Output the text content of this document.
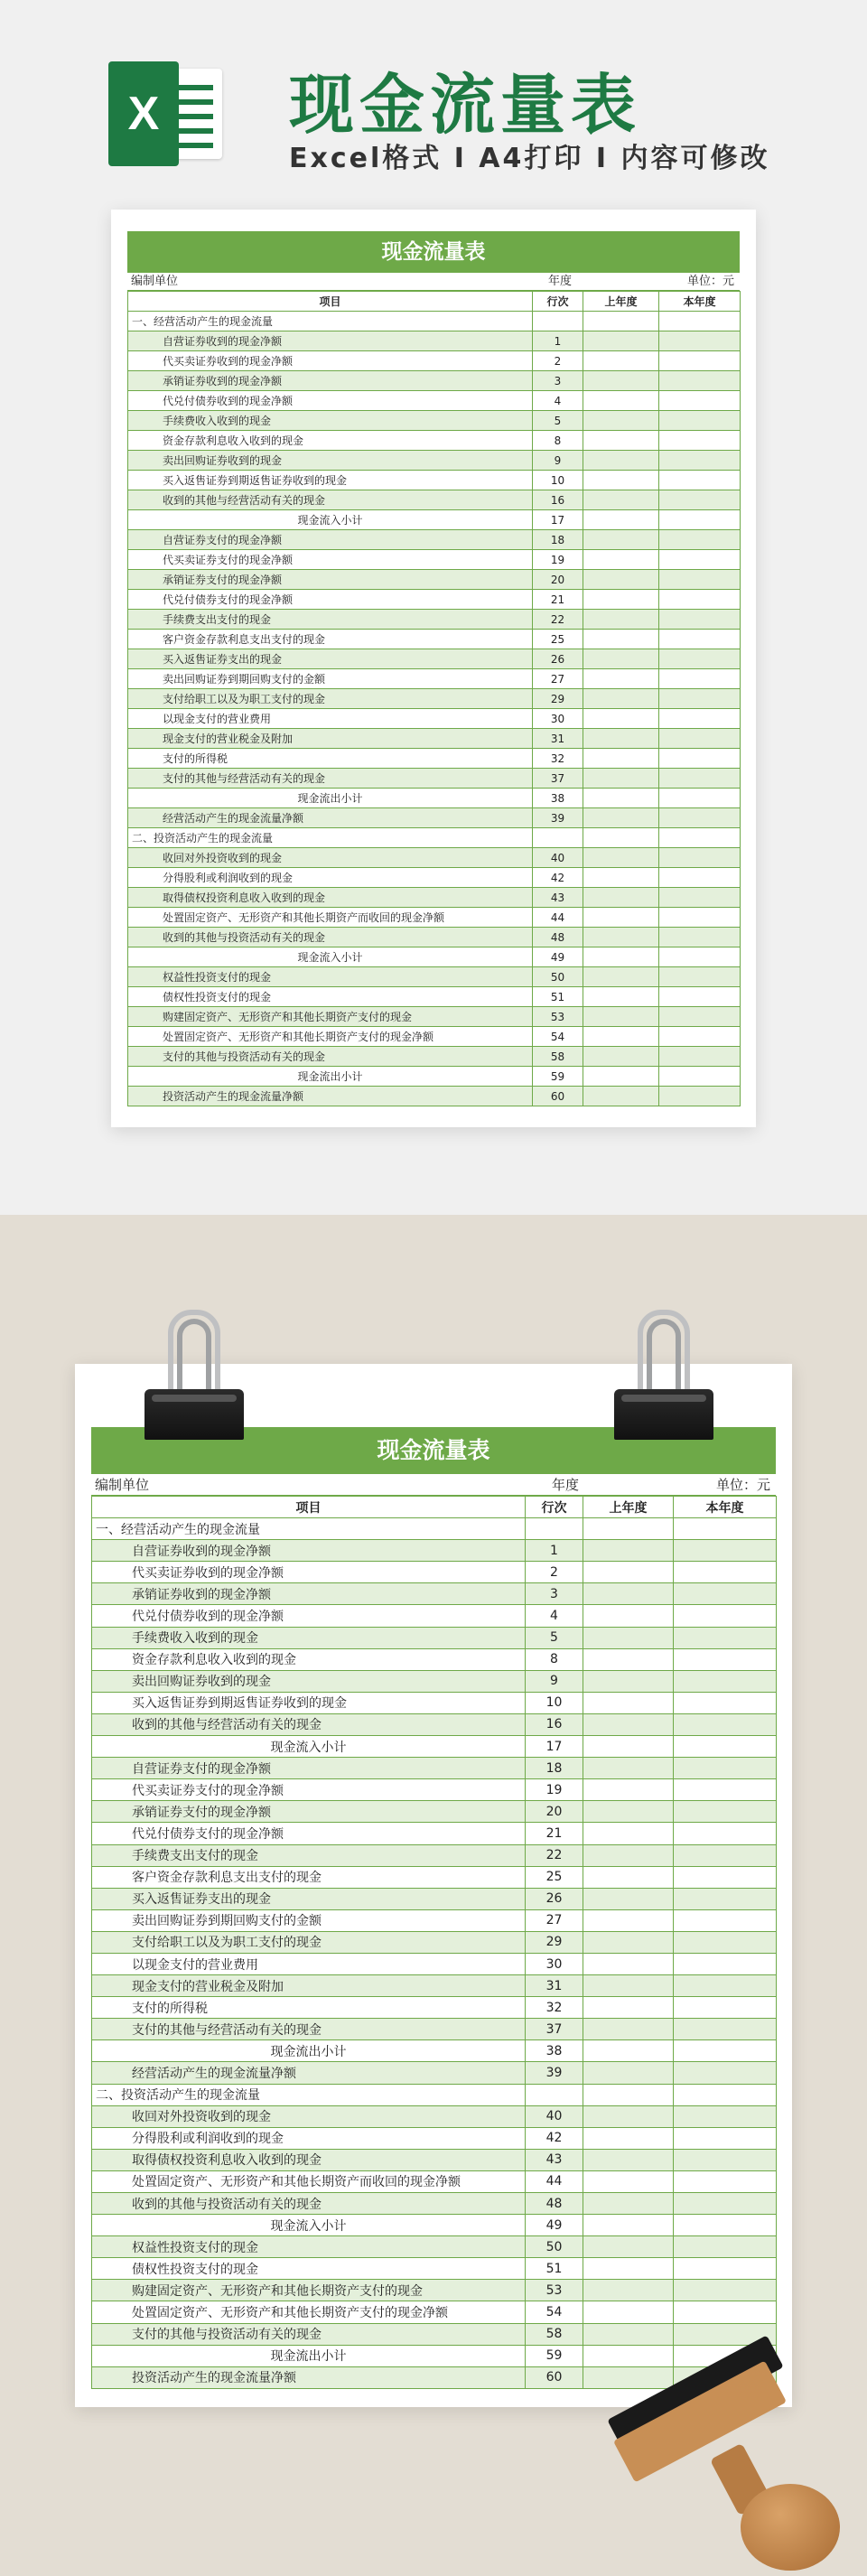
X	现金流量表
Excel格式 I A4打印 I 内容可修改
现金流量表
编制单位	年度	单位：元
项目	行次	上年度	本年度
一、经营活动产生的现金流量			
自营证券收到的现金净额	1		
代买卖证券收到的现金净额	2		
承销证券收到的现金净额	3		
代兑付债券收到的现金净额	4		
手续费收入收到的现金	5		
资金存款利息收入收到的现金	8		
卖出回购证券收到的现金	9		
买入返售证券到期返售证券收到的现金	10		
收到的其他与经营活动有关的现金	16		
现金流入小计	17		
自营证券支付的现金净额	18		
代买卖证券支付的现金净额	19		
承销证券支付的现金净额	20		
代兑付债券支付的现金净额	21		
手续费支出支付的现金	22		
客户资金存款利息支出支付的现金	25		
买入返售证券支出的现金	26		
卖出回购证券到期回购支付的金额	27		
支付给职工以及为职工支付的现金	29		
以现金支付的营业费用	30		
现金支付的营业税金及附加	31		
支付的所得税	32		
支付的其他与经营活动有关的现金	37		
现金流出小计	38		
经营活动产生的现金流量净额	39		
二、投资活动产生的现金流量			
收回对外投资收到的现金	40		
分得股利或利润收到的现金	42		
取得债权投资利息收入收到的现金	43		
处置固定资产、无形资产和其他长期资产而收回的现金净额	44		
收到的其他与投资活动有关的现金	48		
现金流入小计	49		
权益性投资支付的现金	50		
债权性投资支付的现金	51		
购建固定资产、无形资产和其他长期资产支付的现金	53		
处置固定资产、无形资产和其他长期资产支付的现金净额	54		
支付的其他与投资活动有关的现金	58		
现金流出小计	59		
投资活动产生的现金流量净额	60		
现金流量表
编制单位	年度	单位：元
项目	行次	上年度	本年度
一、经营活动产生的现金流量			
自营证券收到的现金净额	1		
代买卖证券收到的现金净额	2		
承销证券收到的现金净额	3		
代兑付债券收到的现金净额	4		
手续费收入收到的现金	5		
资金存款利息收入收到的现金	8		
卖出回购证券收到的现金	9		
买入返售证券到期返售证券收到的现金	10		
收到的其他与经营活动有关的现金	16		
现金流入小计	17		
自营证券支付的现金净额	18		
代买卖证券支付的现金净额	19		
承销证券支付的现金净额	20		
代兑付债券支付的现金净额	21		
手续费支出支付的现金	22		
客户资金存款利息支出支付的现金	25		
买入返售证券支出的现金	26		
卖出回购证券到期回购支付的金额	27		
支付给职工以及为职工支付的现金	29		
以现金支付的营业费用	30		
现金支付的营业税金及附加	31		
支付的所得税	32		
支付的其他与经营活动有关的现金	37		
现金流出小计	38		
经营活动产生的现金流量净额	39		
二、投资活动产生的现金流量			
收回对外投资收到的现金	40		
分得股利或利润收到的现金	42		
取得债权投资利息收入收到的现金	43		
处置固定资产、无形资产和其他长期资产而收回的现金净额	44		
收到的其他与投资活动有关的现金	48		
现金流入小计	49		
权益性投资支付的现金	50		
债权性投资支付的现金	51		
购建固定资产、无形资产和其他长期资产支付的现金	53		
处置固定资产、无形资产和其他长期资产支付的现金净额	54		
支付的其他与投资活动有关的现金	58		
现金流出小计	59		
投资活动产生的现金流量净额	60		
